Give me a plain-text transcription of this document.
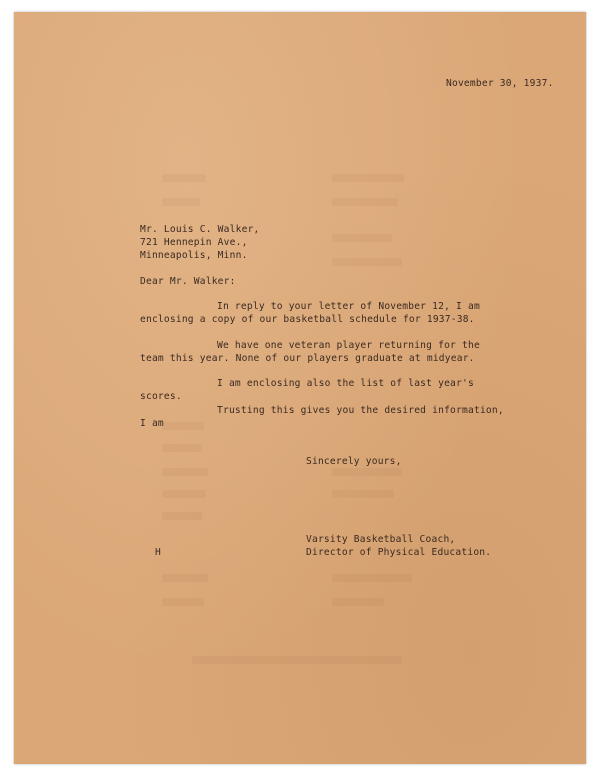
November 30, 1937.
Mr. Louis C. Walker,
721 Hennepin Ave.,
Minneapolis, Minn.
Dear Mr. Walker:
In reply to your letter of November 12, I am
enclosing a copy of our basketball schedule for 1937-38.
We have one veteran player returning for the
team this year. None of our players graduate at midyear.
I am enclosing also the list of last year's
scores.
Trusting this gives you the desired information,
I am
Sincerely yours,
Varsity Basketball Coach,
Director of Physical Education.
H
